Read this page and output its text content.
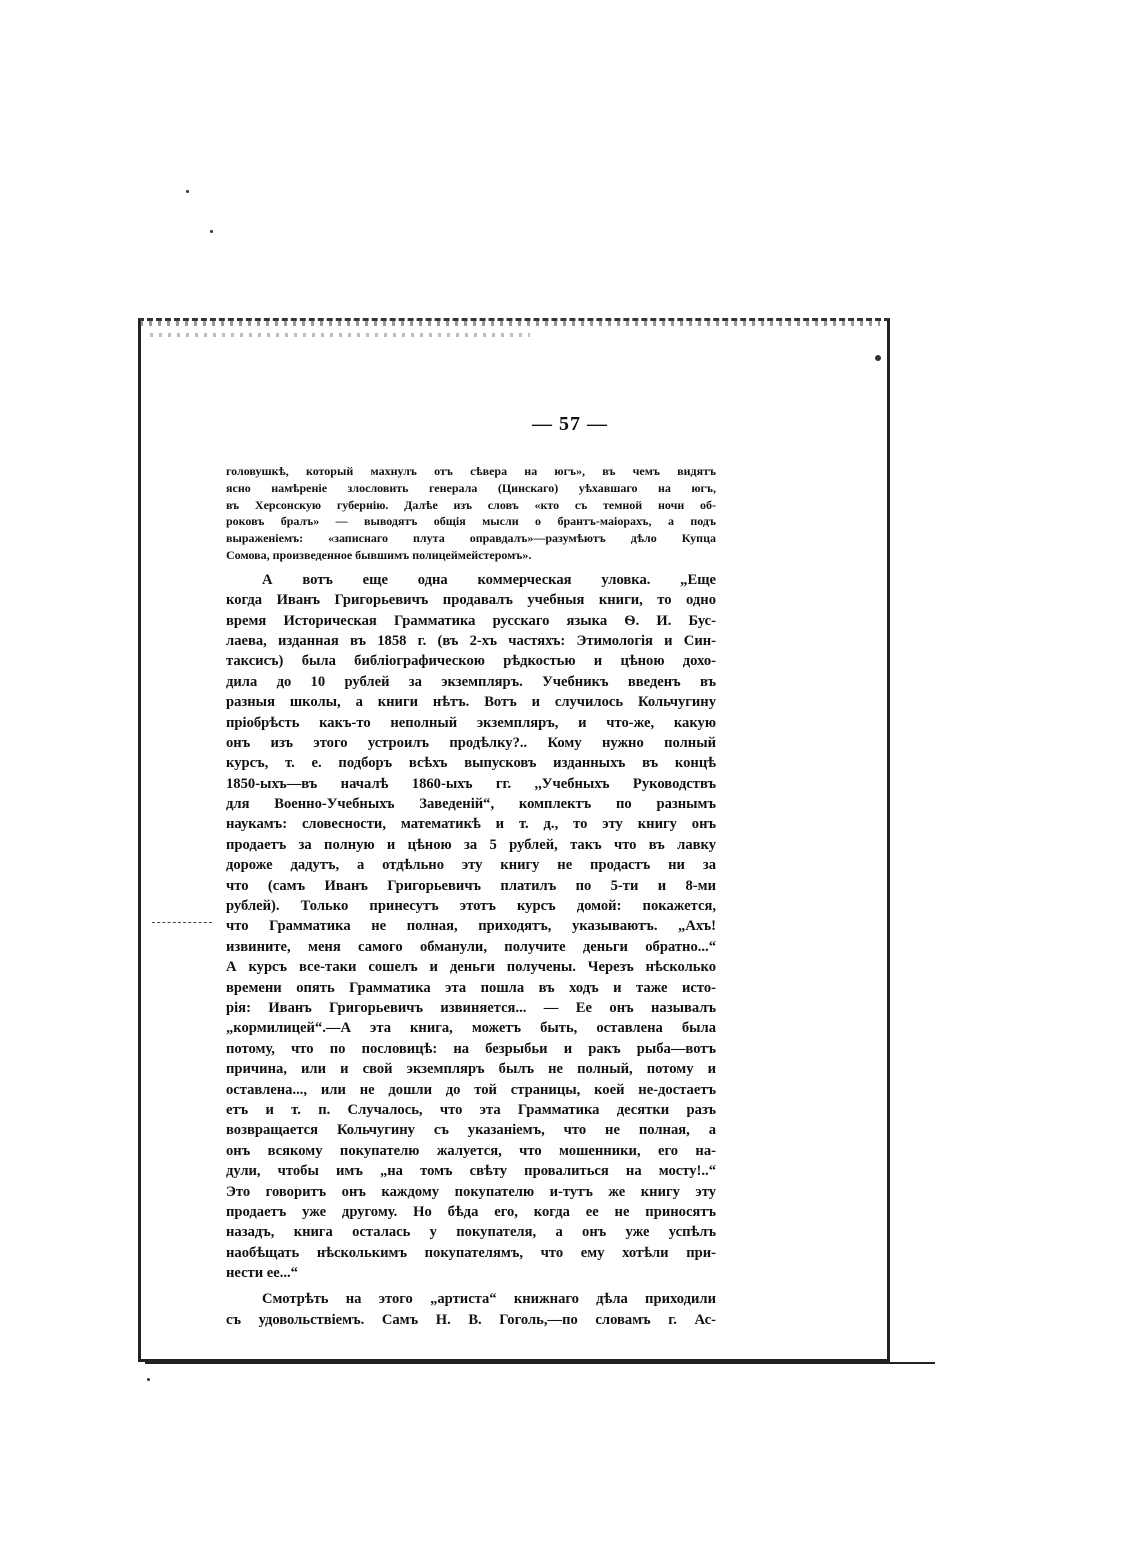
— 57 —
головушкѣ, который махнулъ отъ сѣвера на югъ», въ чемъ видятъ
ясно намѣреніе злословить генерала (Цинскаго) уѣхавшаго на югъ,
въ Херсонскую губернію. Далѣе изъ словъ «кто съ темной ночи об-
роковъ бралъ» — выводятъ общія мысли о брантъ-маіорахъ, а подъ
выраженіемъ: «записнаго плута оправдалъ»—разумѣютъ дѣло Купца
Сомова, произведенное бывшимъ полицеймейстеромъ».
А вотъ еще одна коммерческая уловка. „Еще
когда Иванъ Григорьевичъ продавалъ учебныя книги, то одно
время Историческая Грамматика русскаго языка Ѳ. И. Бус-
лаева, изданная въ 1858 г. (въ 2-хъ частяхъ: Этимологія и Син-
таксисъ) была библіографическою рѣдкостью и цѣною дохо-
дила до 10 рублей за экземпляръ. Учебникъ введенъ въ
разныя школы, а книги нѣтъ. Вотъ и случилось Кольчугину
пріобрѣсть какъ-то неполный экземпляръ, и что-же, какую
онъ изъ этого устроилъ продѣлку?.. Кому нужно полный
курсъ, т. е. подборъ всѣхъ выпусковъ изданныхъ въ концѣ
1850-ыхъ—въ началѣ 1860-ыхъ гг. ,,Учебныхъ Руководствъ
для Военно-Учебныхъ Заведеній“, комплектъ по разнымъ
наукамъ: словесности, математикѣ и т. д., то эту книгу онъ
продаетъ за полную и цѣною за 5 рублей, такъ что въ лавку
дороже дадутъ, а отдѣльно эту книгу не продастъ ни за
что (самъ Иванъ Григорьевичъ платилъ по 5-ти и 8-ми
рублей). Только принесутъ этотъ курсъ домой: покажется,
что Грамматика не полная, приходятъ, указываютъ. „Ахъ!
извините, меня самого обманули, получите деньги обратно...“
А курсъ все-таки сошелъ и деньги получены. Черезъ нѣсколько
времени опять Грамматика эта пошла въ ходъ и таже исто-
рія: Иванъ Григорьевичъ извиняется... — Ее онъ называлъ
„кормилицей“.—А эта книга, можетъ быть, оставлена была
потому, что по пословицѣ: на безрыбьи и ракъ рыба—вотъ
причина, или и свой экземпляръ былъ не полный, потому и
оставлена..., или не дошли до той страницы, коей не-достаетъ
етъ и т. п. Случалось, что эта Грамматика десятки разъ
возвращается Кольчугину съ указаніемъ, что не полная, а
онъ всякому покупателю жалуется, что мошенники, его на-
дули, чтобы имъ „на томъ свѣту провалиться на мосту!..“
Это говоритъ онъ каждому покупателю и-тутъ же книгу эту
продаетъ уже другому. Но бѣда его, когда ее не приносятъ
назадъ, книга осталась у покупателя, а онъ уже успѣлъ
наобѣщать нѣсколькимъ покупателямъ, что ему хотѣли при-
нести ее...“
Смотрѣть на этого „артиста“ книжнаго дѣла приходили
съ удовольствіемъ. Самъ Н. В. Гоголь,—по словамъ г. Ас-
